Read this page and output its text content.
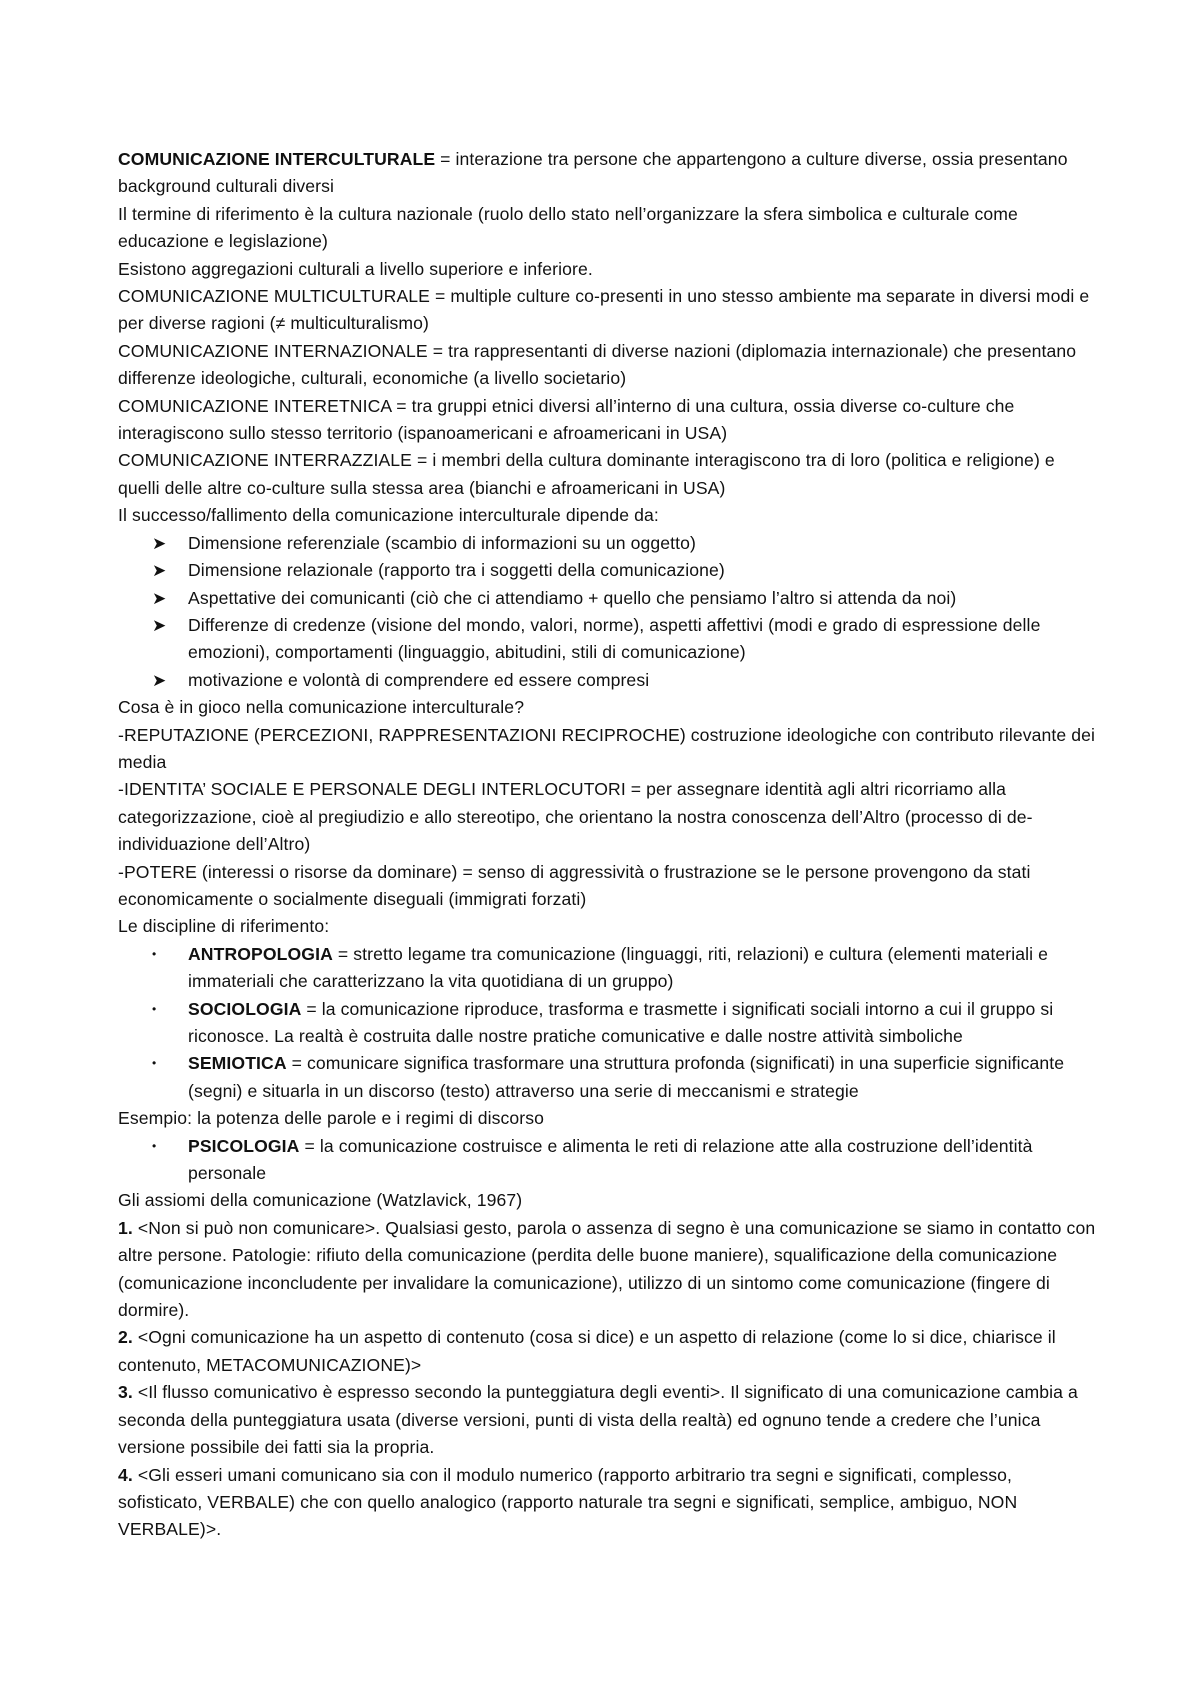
COMUNICAZIONE INTERCULTURALE = interazione tra persone che appartengono a culture diverse, ossia presentano background culturali diversi

Il termine di riferimento è la cultura nazionale (ruolo dello stato nell’organizzare la sfera simbolica e culturale come educazione e legislazione)

Esistono aggregazioni culturali a livello superiore e inferiore.

COMUNICAZIONE MULTICULTURALE = multiple culture co-presenti in uno stesso ambiente ma separate in diversi modi e per diverse ragioni (≠ multiculturalismo)

COMUNICAZIONE INTERNAZIONALE = tra rappresentanti di diverse nazioni (diplomazia internazionale) che presentano differenze ideologiche, culturali, economiche (a livello societario)

COMUNICAZIONE INTERETNICA = tra gruppi etnici diversi all’interno di una cultura, ossia diverse co-culture che interagiscono sullo stesso territorio (ispanoamericani e afroamericani in USA)

COMUNICAZIONE INTERRAZZIALE = i membri della cultura dominante interagiscono tra di loro (politica e religione) e quelli delle altre co-culture sulla stessa area (bianchi e afroamericani in USA)

Il successo/fallimento della comunicazione interculturale dipende da:

➤	Dimensione referenziale (scambio di informazioni su un oggetto)

➤	Dimensione relazionale (rapporto tra i soggetti della comunicazione)

➤	Aspettative dei comunicanti (ciò che ci attendiamo + quello che pensiamo l’altro si attenda da noi)

➤	Differenze di credenze (visione del mondo, valori, norme), aspetti affettivi (modi e grado di espressione delle emozioni), comportamenti (linguaggio, abitudini, stili di comunicazione)

➤	motivazione e volontà di comprendere ed essere compresi

Cosa è in gioco nella comunicazione interculturale?

-REPUTAZIONE (PERCEZIONI, RAPPRESENTAZIONI RECIPROCHE) costruzione ideologiche con contributo rilevante dei media

-IDENTITA’ SOCIALE E PERSONALE DEGLI INTERLOCUTORI = per assegnare identità agli altri ricorriamo alla categorizzazione, cioè al pregiudizio e allo stereotipo, che orientano la nostra conoscenza dell’Altro (processo di de-individuazione dell’Altro)

-POTERE (interessi o risorse da dominare) = senso di aggressività o frustrazione se le persone provengono da stati economicamente o socialmente diseguali (immigrati forzati)

Le discipline di riferimento:

•	ANTROPOLOGIA = stretto legame tra comunicazione (linguaggi, riti, relazioni) e cultura (elementi materiali e immateriali che caratterizzano la vita quotidiana di un gruppo)

•	SOCIOLOGIA = la comunicazione riproduce, trasforma e trasmette i significati sociali intorno a cui il gruppo si riconosce. La realtà è costruita dalle nostre pratiche comunicative e dalle nostre attività simboliche

•	SEMIOTICA = comunicare significa trasformare una struttura profonda (significati) in una superficie significante (segni) e situarla in un discorso (testo) attraverso una serie di meccanismi e strategie

Esempio: la potenza delle parole e i regimi di discorso

•	PSICOLOGIA = la comunicazione costruisce e alimenta le reti di relazione atte alla costruzione dell’identità personale

Gli assiomi della comunicazione (Watzlavick, 1967)

1. <Non si può non comunicare>. Qualsiasi gesto, parola o assenza di segno è una comunicazione se siamo in contatto con altre persone. Patologie: rifiuto della comunicazione (perdita delle buone maniere), squalificazione della comunicazione (comunicazione inconcludente per invalidare la comunicazione), utilizzo di un sintomo come comunicazione (fingere di dormire).

2. <Ogni comunicazione ha un aspetto di contenuto (cosa si dice) e un aspetto di relazione (come lo si dice, chiarisce il contenuto, METACOMUNICAZIONE)>

3. <Il flusso comunicativo è espresso secondo la punteggiatura degli eventi>. Il significato di una comunicazione cambia a seconda della punteggiatura usata (diverse versioni, punti di vista della realtà) ed ognuno tende a credere che l’unica versione possibile dei fatti sia la propria.

4. <Gli esseri umani comunicano sia con il modulo numerico (rapporto arbitrario tra segni e significati, complesso, sofisticato, VERBALE) che con quello analogico (rapporto naturale tra segni e significati, semplice, ambiguo, NON VERBALE)>.
